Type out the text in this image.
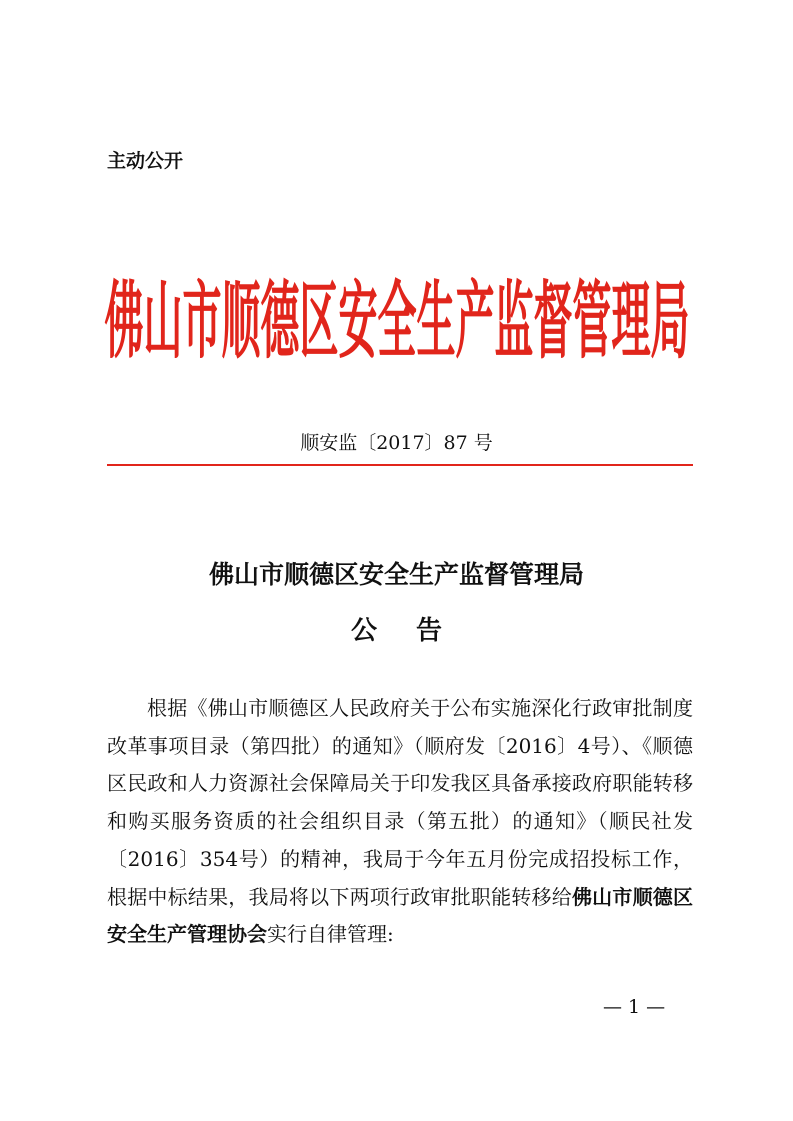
主动公开
佛山市顺德区安全生产监督管理局
顺安监〔2017〕87 号
佛山市顺德区安全生产监督管理局
公告

根据《佛山市顺德区人民政府关于公布实施深化行政审批制度改革事项目录（第四批）的通知》（顺府发〔2016〕4号）、《顺德区民政和人力资源社会保障局关于印发我区具备承接政府职能转移和购买服务资质的社会组织目录（第五批）的通知》（顺民社发〔2016〕354号）的精神，我局于今年五月份完成招投标工作，根据中标结果，我局将以下两项行政审批职能转移给佛山市顺德区安全生产管理协会实行自律管理:

— 1 —
